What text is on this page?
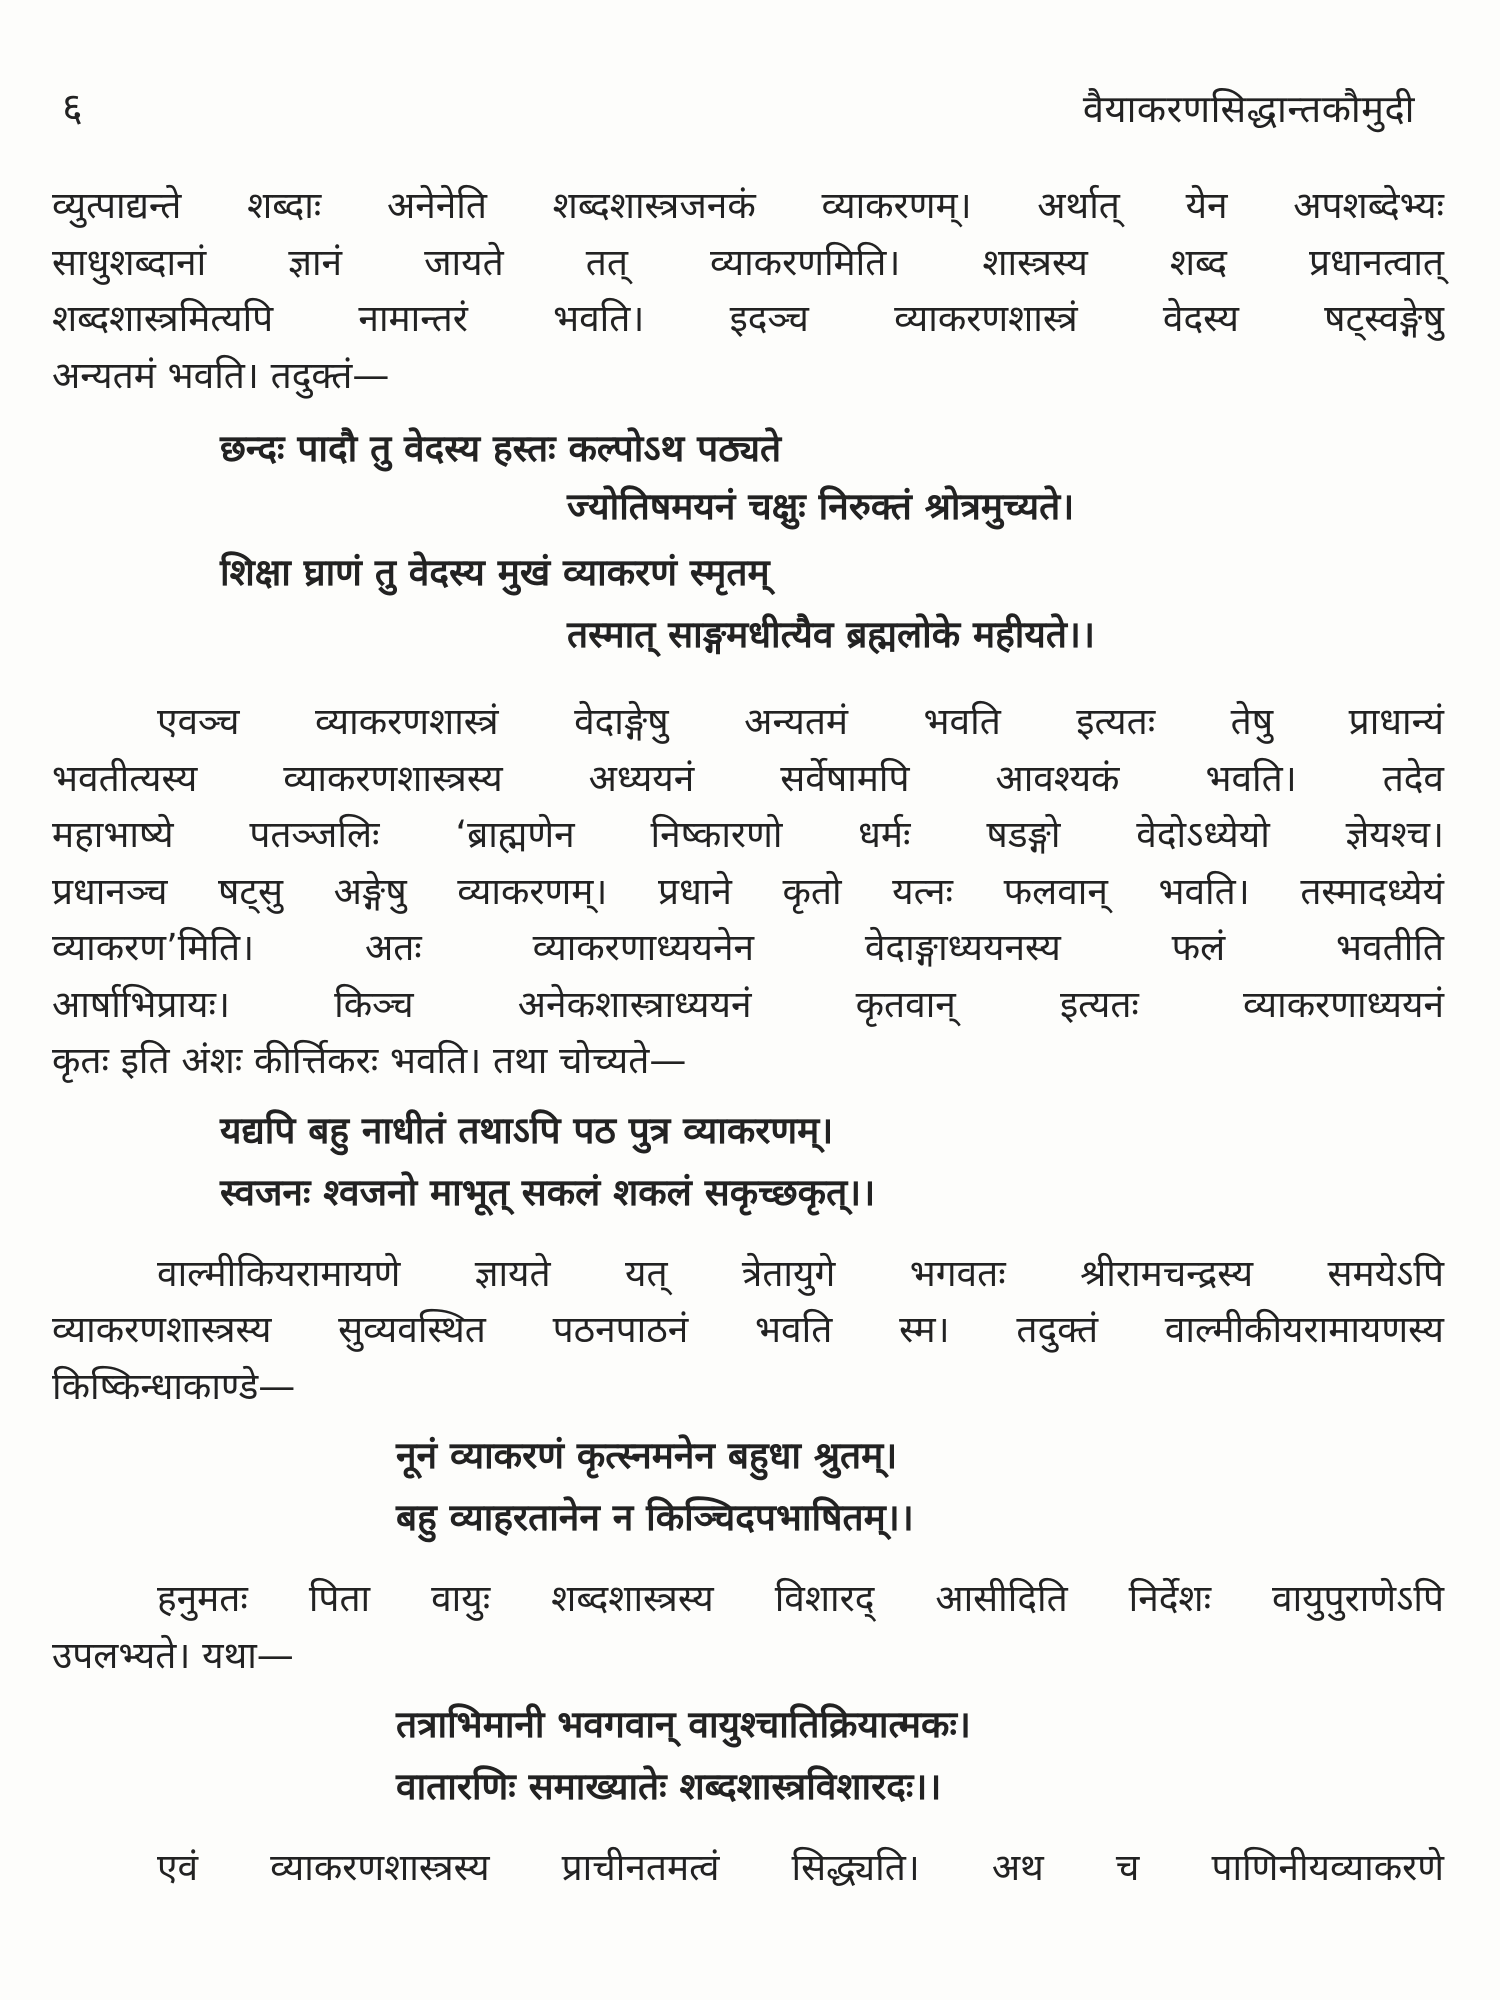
६	वैयाकरणसिद्धान्तकौमुदी
व्युत्पाद्यन्ते शब्दाः अनेनेति शब्दशास्त्रजनकं व्याकरणम्। अर्थात् येन अपशब्देभ्यः
साधुशब्दानां ज्ञानं जायते तत् व्याकरणमिति। शास्त्रस्य शब्द प्रधानत्वात्
शब्दशास्त्रमित्यपि नामान्तरं भवति। इदञ्च व्याकरणशास्त्रं वेदस्य षट्स्वङ्गेषु
अन्यतमं भवति। तदुक्तं—
छन्दः पादौ तु वेदस्य हस्तः कल्पोऽथ पठ्यते
ज्योतिषमयनं चक्षुः निरुक्तं श्रोत्रमुच्यते।
शिक्षा घ्राणं तु वेदस्य मुखं व्याकरणं स्मृतम्
तस्मात् साङ्गमधीत्यैव ब्रह्मलोके महीयते।।
एवञ्च व्याकरणशास्त्रं वेदाङ्गेषु अन्यतमं भवति इत्यतः तेषु प्राधान्यं
भवतीत्यस्य व्याकरणशास्त्रस्य अध्ययनं सर्वेषामपि आवश्यकं भवति। तदेव
महाभाष्ये पतञ्जलिः ‘ब्राह्मणेन निष्कारणो धर्मः षडङ्गो वेदोऽध्येयो ज्ञेयश्च।
प्रधानञ्च षट्सु अङ्गेषु व्याकरणम्। प्रधाने कृतो यत्नः फलवान् भवति। तस्मादध्येयं
व्याकरण’मिति। अतः व्याकरणाध्ययनेन वेदाङ्गाध्ययनस्य फलं भवतीति
आर्षाभिप्रायः। किञ्च अनेकशास्त्राध्ययनं कृतवान् इत्यतः व्याकरणाध्ययनं
कृतः इति अंशः कीर्त्तिकरः भवति। तथा चोच्यते—
यद्यपि बहु नाधीतं तथाऽपि पठ पुत्र व्याकरणम्।
स्वजनः श्वजनो माभूत् सकलं शकलं सकृच्छकृत्।।
वाल्मीकियरामायणे ज्ञायते यत् त्रेतायुगे भगवतः श्रीरामचन्द्रस्य समयेऽपि
व्याकरणशास्त्रस्य सुव्यवस्थित पठनपाठनं भवति स्म। तदुक्तं वाल्मीकीयरामायणस्य
किष्किन्धाकाण्डे—
नूनं व्याकरणं कृत्स्नमनेन बहुधा श्रुतम्।
बहु व्याहरतानेन न किञ्चिदपभाषितम्।।
हनुमतः पिता वायुः शब्दशास्त्रस्य विशारद् आसीदिति निर्देशः वायुपुराणेऽपि
उपलभ्यते। यथा—
तत्राभिमानी भवगवान् वायुश्चातिक्रियात्मकः।
वातारणिः समाख्यातेः शब्दशास्त्रविशारदः।।
एवं व्याकरणशास्त्रस्य प्राचीनतमत्वं सिद्ध्यति। अथ च पाणिनीयव्याकरणे
